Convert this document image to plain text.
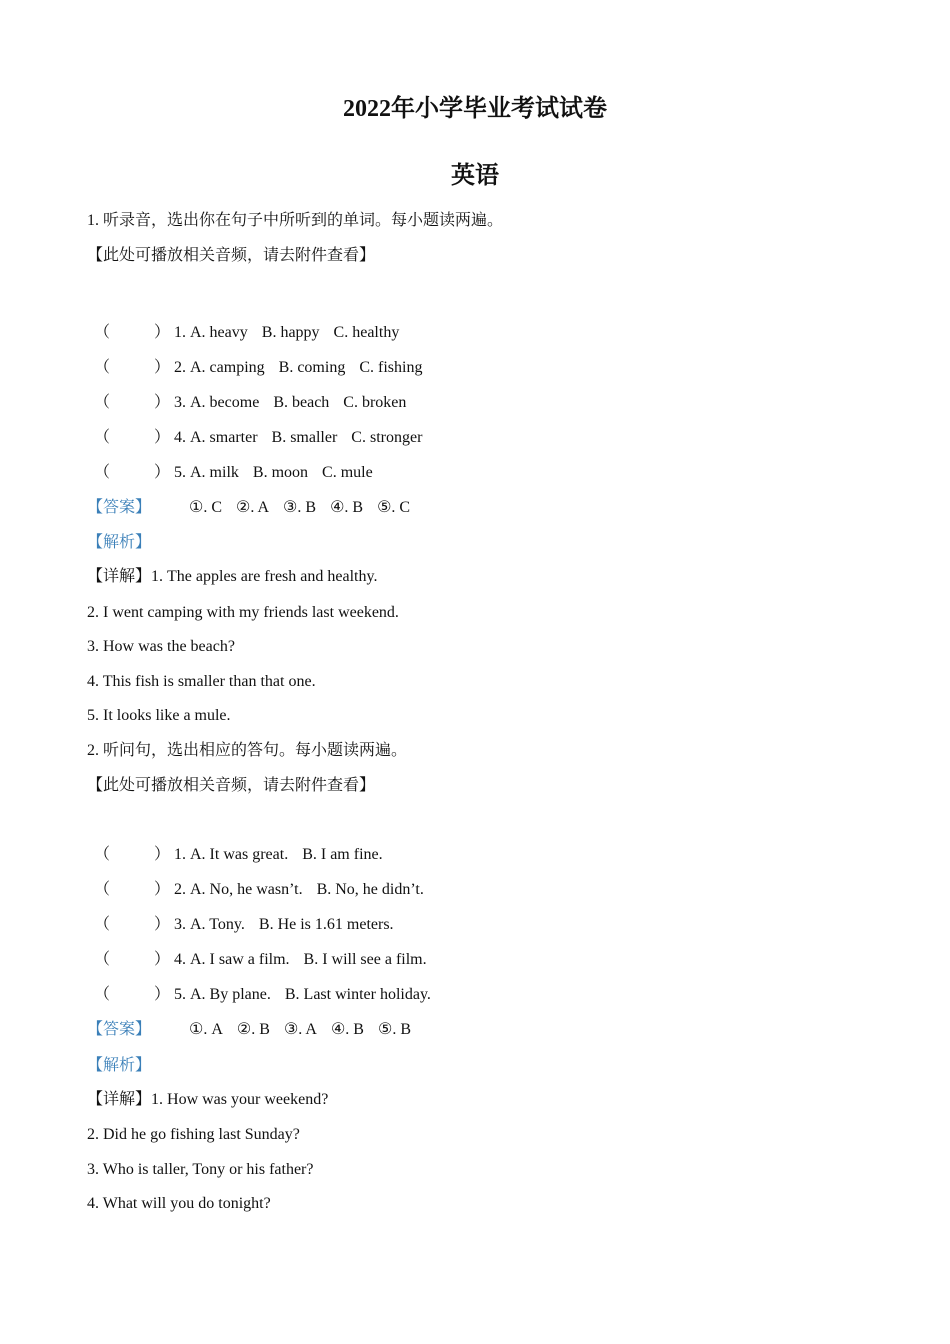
2022年小学毕业考试试卷
英语
1. 听录音，选出你在句子中所听到的单词。每小题读两遍。
【此处可播放相关音频，请去附件查看】
（	） 1. A. heavy B. happy C. healthy
（	） 2. A. camping B. coming C. fishing
（	） 3. A. become B. beach C. broken
（	） 4. A. smarter B. smaller C. stronger
（	） 5. A. milk B. moon C. mule
【答案】 ①. C ②. A ③. B ④. B ⑤. C
【解析】
【详解】1. The apples are fresh and healthy.
2. I went camping with my friends last weekend.
3. How was the beach?
4. This fish is smaller than that one.
5. It looks like a mule.
2. 听问句，选出相应的答句。每小题读两遍。
【此处可播放相关音频，请去附件查看】
（	） 1. A. It was great. B. I am fine.
（	） 2. A. No, he wasn’t. B. No, he didn’t.
（	） 3. A. Tony. B. He is 1.61 meters.
（	） 4. A. I saw a film. B. I will see a film.
（	） 5. A. By plane. B. Last winter holiday.
【答案】 ①. A ②. B ③. A ④. B ⑤. B
【解析】
【详解】1. How was your weekend?
2. Did he go fishing last Sunday?
3. Who is taller, Tony or his father?
4. What will you do tonight?
